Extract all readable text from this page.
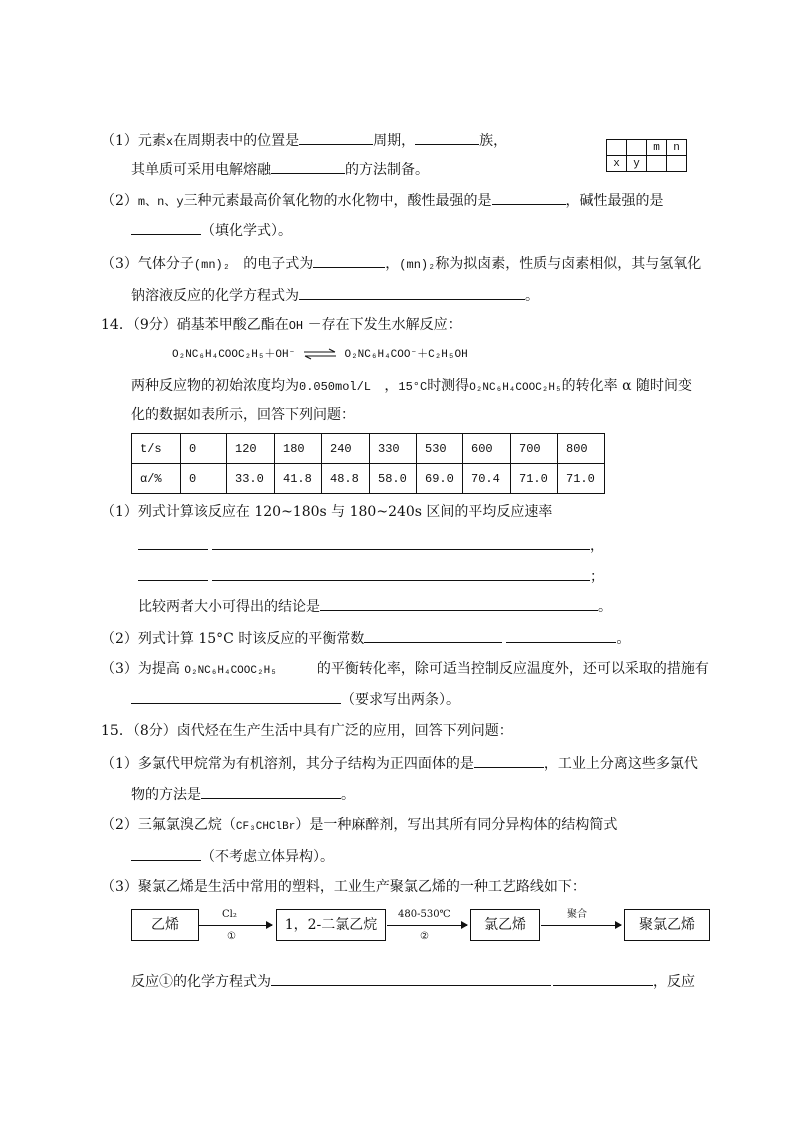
（1）元素x在周期表中的位置是	周期，	族，
其单质可采用电解熔融	的方法制备。
		m	n
x	y		
（2）m、n、y三种元素最高价氧化物的水化物中，酸性最强的是	，碱性最强的是
（填化学式）。
（3）气体分子(mn)₂ 的电子式为	，(mn)₂称为拟卤素，性质与卤素相似，其与氢氧化
钠溶液反应的化学方程式为	。
14．（9分）硝基苯甲酸乙酯在OH －存在下发生水解反应：
O₂NC₆H₄COOC₂H₅＋OH⁻ ⇌ O₂NC₆H₄COO⁻＋C₂H₅OH
两种反应物的初始浓度均为0.050mol/L ，15°C时测得O₂NC₆H₄COOC₂H₅的转化率 α 随时间变
化的数据如表所示，回答下列问题：
t/s	0	120	180	240	330	530	600	700	800
α/%	0	33.0	41.8	48.8	58.0	69.0	70.4	71.0	71.0
（1）列式计算该反应在 120~180s 与 180~240s 区间的平均反应速率
，
；
比较两者大小可得出的结论是	。
（2）列式计算 15°C 时该反应的平衡常数	。
（3）为提高 O₂NC₆H₄COOC₂H₅	的平衡转化率，除可适当控制反应温度外，还可以采取的措施有
（要求写出两条）。
15．（8分）卤代烃在生产生活中具有广泛的应用，回答下列问题：
（1）多氯代甲烷常为有机溶剂，其分子结构为正四面体的是	，工业上分离这些多氯代
物的方法是	。
（2）三氟氯溴乙烷（CF₃CHClBr）是一种麻醉剂，写出其所有同分异构体的结构简式
（不考虑立体异构）。
（3）聚氯乙烯是生活中常用的塑料，工业生产聚氯乙烯的一种工艺路线如下：
乙烯
Cl₂
①
1，2-二氯乙烷
480-530℃
②
氯乙烯
聚合
聚氯乙烯
反应①的化学方程式为	，反应
